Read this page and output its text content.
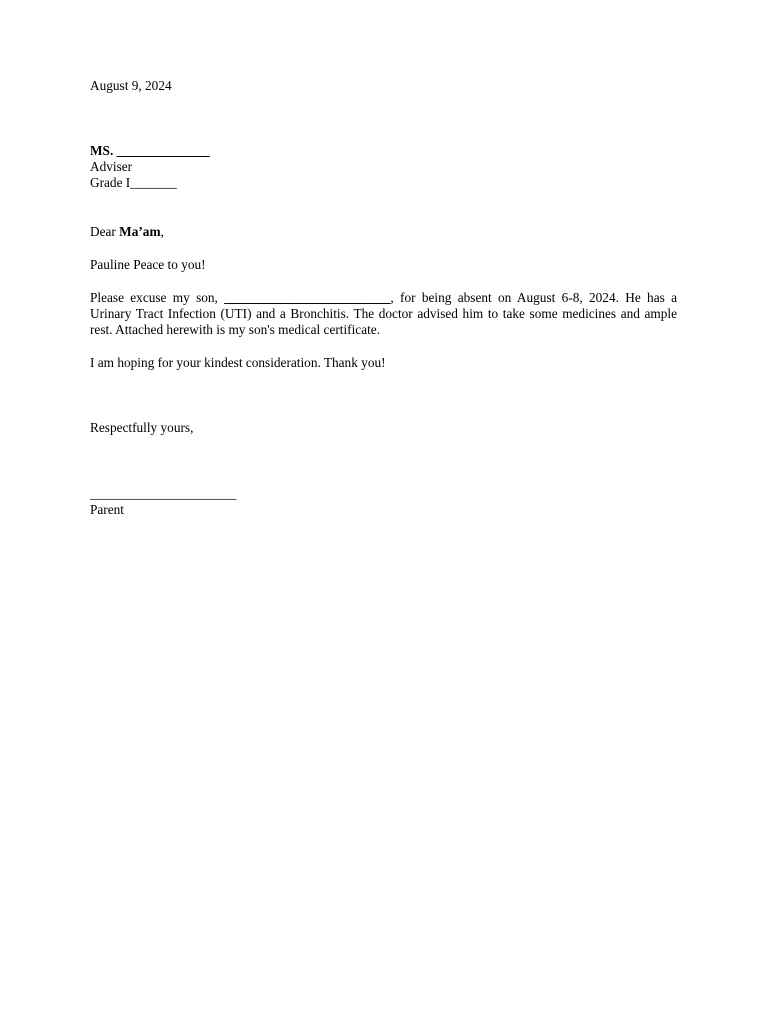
August 9, 2024

MS. ______________

Adviser

Grade I_______

Dear Ma’am,

Pauline Peace to you!

Please excuse my son, _________________________, for being absent on August 6-8, 2024. He has a Urinary Tract Infection (UTI) and a Bronchitis. The doctor advised him to take some medicines and ample rest. Attached herewith is my son's medical certificate.

I am hoping for your kindest consideration. Thank you!

Respectfully yours,

______________________

Parent
